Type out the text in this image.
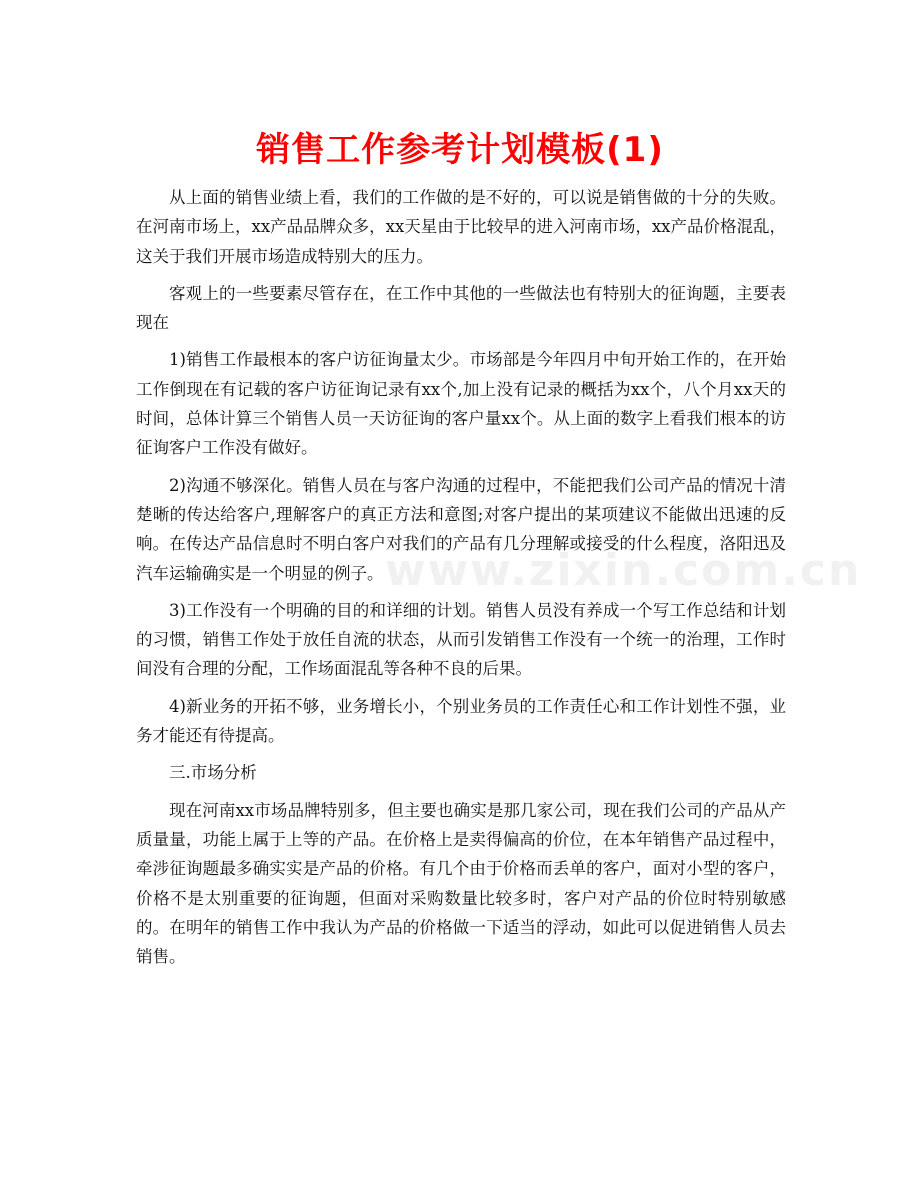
销售工作参考计划模板(1)

从上面的销售业绩上看，我们的工作做的是不好的，可以说是销售做的十分的失败。在河南市场上，xx产品品牌众多，xx天星由于比较早的进入河南市场，xx产品价格混乱，这关于我们开展市场造成特别大的压力。

客观上的一些要素尽管存在，在工作中其他的一些做法也有特别大的征询题，主要表现在

1)销售工作最根本的客户访征询量太少。市场部是今年四月中旬开始工作的，在开始工作倒现在有记载的客户访征询记录有xx个,加上没有记录的概括为xx个，八个月xx天的时间，总体计算三个销售人员一天访征询的客户量xx个。从上面的数字上看我们根本的访征询客户工作没有做好。

2)沟通不够深化。销售人员在与客户沟通的过程中，不能把我们公司产品的情况十清楚晰的传达给客户,理解客户的真正方法和意图;对客户提出的某项建议不能做出迅速的反响。在传达产品信息时不明白客户对我们的产品有几分理解或接受的什么程度，洛阳迅及汽车运输确实是一个明显的例子。

3)工作没有一个明确的目的和详细的计划。销售人员没有养成一个写工作总结和计划的习惯，销售工作处于放任自流的状态，从而引发销售工作没有一个统一的治理，工作时间没有合理的分配，工作场面混乱等各种不良的后果。

4)新业务的开拓不够，业务增长小，个别业务员的工作责任心和工作计划性不强，业务才能还有待提高。

三.市场分析

现在河南xx市场品牌特别多，但主要也确实是那几家公司，现在我们公司的产品从产质量量，功能上属于上等的产品。在价格上是卖得偏高的价位，在本年销售产品过程中，牵涉征询题最多确实实是产品的价格。有几个由于价格而丢单的客户，面对小型的客户，价格不是太别重要的征询题，但面对采购数量比较多时，客户对产品的价位时特别敏感的。在明年的销售工作中我认为产品的价格做一下适当的浮动，如此可以促进销售人员去销售。

www.zixin.com.cn
